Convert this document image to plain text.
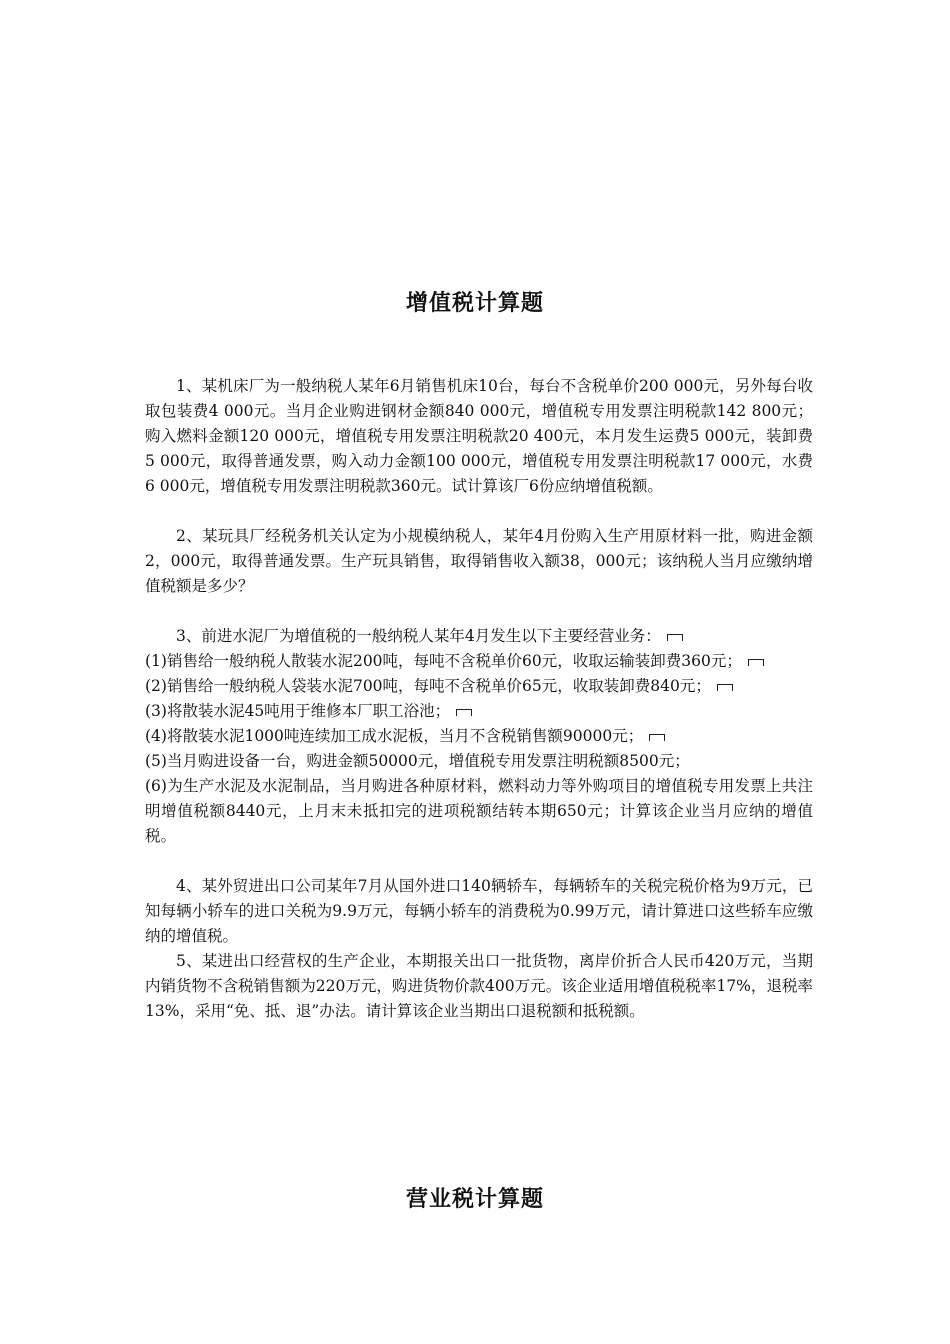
增值税计算题

1、某机床厂为一般纳税人某年6月销售机床10台，每台不含税单价200 000元，另外每台收取包装费4 000元。当月企业购进钢材金额840 000元，增值税专用发票注明税款142 800元；购入燃料金额120 000元，增值税专用发票注明税款20 400元，本月发生运费5 000元，装卸费5 000元，取得普通发票，购入动力金额100 000元，增值税专用发票注明税款17 000元，水费6 000元，增值税专用发票注明税款360元。试计算该厂6份应纳增值税额。

2、某玩具厂经税务机关认定为小规模纳税人，某年4月份购入生产用原材料一批，购进金额2，000元，取得普通发票。生产玩具销售，取得销售收入额38，000元；该纳税人当月应缴纳增值税额是多少？

3、前进水泥厂为增值税的一般纳税人某年4月发生以下主要经营业务：

(1)销售给一般纳税人散装水泥200吨，每吨不含税单价60元，收取运输装卸费360元；

(2)销售给一般纳税人袋装水泥700吨，每吨不含税单价65元，收取装卸费840元；

(3)将散装水泥45吨用于维修本厂职工浴池；

(4)将散装水泥1000吨连续加工成水泥板，当月不含税销售额90000元；

(5)当月购进设备一台，购进金额50000元，增值税专用发票注明税额8500元；

(6)为生产水泥及水泥制品，当月购进各种原材料，燃料动力等外购项目的增值税专用发票上共注明增值税额8440元，上月末未抵扣完的进项税额结转本期650元；计算该企业当月应纳的增值税。

4、某外贸进出口公司某年7月从国外进口140辆轿车，每辆轿车的关税完税价格为9万元，已知每辆小轿车的进口关税为9.9万元，每辆小轿车的消费税为0.99万元，请计算进口这些轿车应缴纳的增值税。

5、某进出口经营权的生产企业，本期报关出口一批货物，离岸价折合人民币420万元，当期内销货物不含税销售额为220万元，购进货物价款400万元。该企业适用增值税税率17%，退税率13%，采用“免、抵、退”办法。请计算该企业当期出口退税额和抵税额。

营业税计算题
